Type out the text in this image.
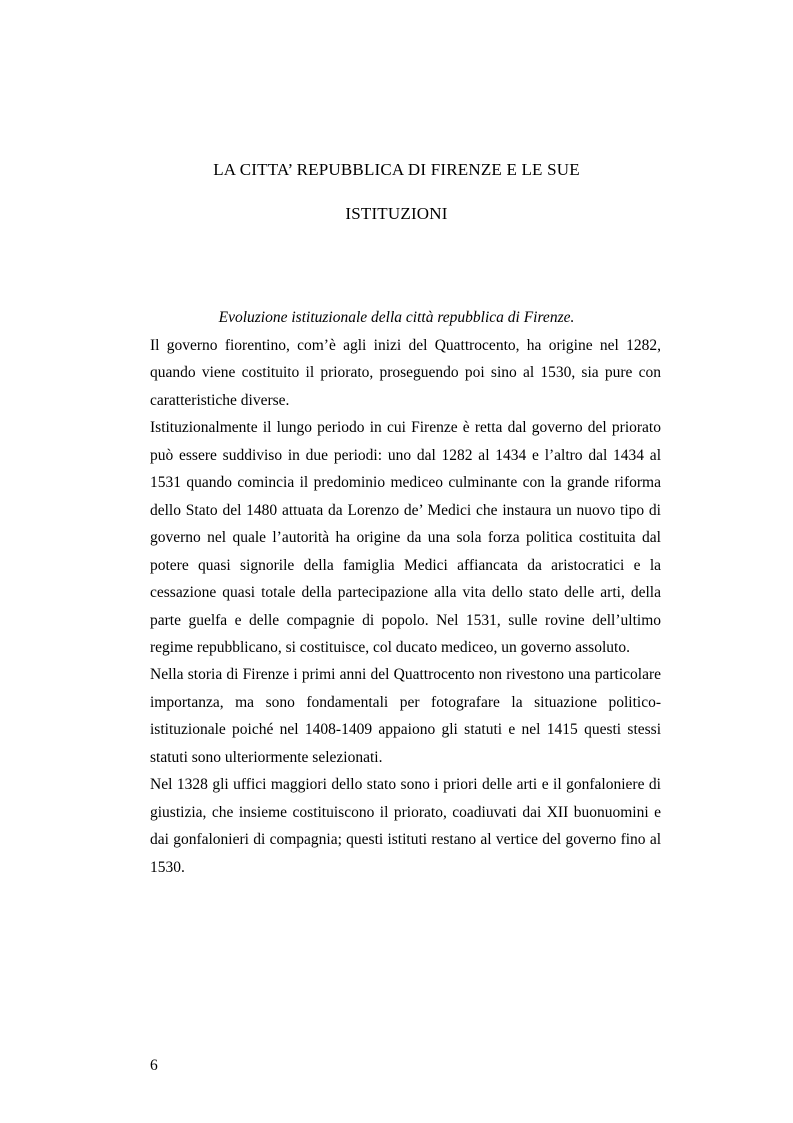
LA CITTA’ REPUBBLICA DI FIRENZE E LE SUE
ISTITUZIONI
Evoluzione istituzionale della città repubblica di Firenze.

Il governo fiorentino, com’è agli inizi del Quattrocento, ha origine nel 1282, quando viene costituito il priorato, proseguendo poi sino al 1530, sia pure con caratteristiche diverse.

Istituzionalmente il lungo periodo in cui Firenze è retta dal governo del priorato può essere suddiviso in due periodi: uno dal 1282 al 1434 e l’altro dal 1434 al 1531 quando comincia il predominio mediceo culminante con la grande riforma dello Stato del 1480 attuata da Lorenzo de’ Medici che instaura un nuovo tipo di governo nel quale l’autorità ha origine da una sola forza politica costituita dal potere quasi signorile della famiglia Medici affiancata da aristocratici e la cessazione quasi totale della partecipazione alla vita dello stato delle arti, della parte guelfa e delle compagnie di popolo. Nel 1531, sulle rovine dell’ultimo regime repubblicano, si costituisce, col ducato mediceo, un governo assoluto.

Nella storia di Firenze i primi anni del Quattrocento non rivestono una particolare importanza, ma sono fondamentali per fotografare la situazione politico-istituzionale poiché nel 1408-1409 appaiono gli statuti e nel 1415 questi stessi statuti sono ulteriormente selezionati.

Nel 1328 gli uffici maggiori dello stato sono i priori delle arti e il gonfaloniere di giustizia, che insieme costituiscono il priorato, coadiuvati dai XII buonuomini e dai gonfalonieri di compagnia; questi istituti restano al vertice del governo fino al 1530.

6
